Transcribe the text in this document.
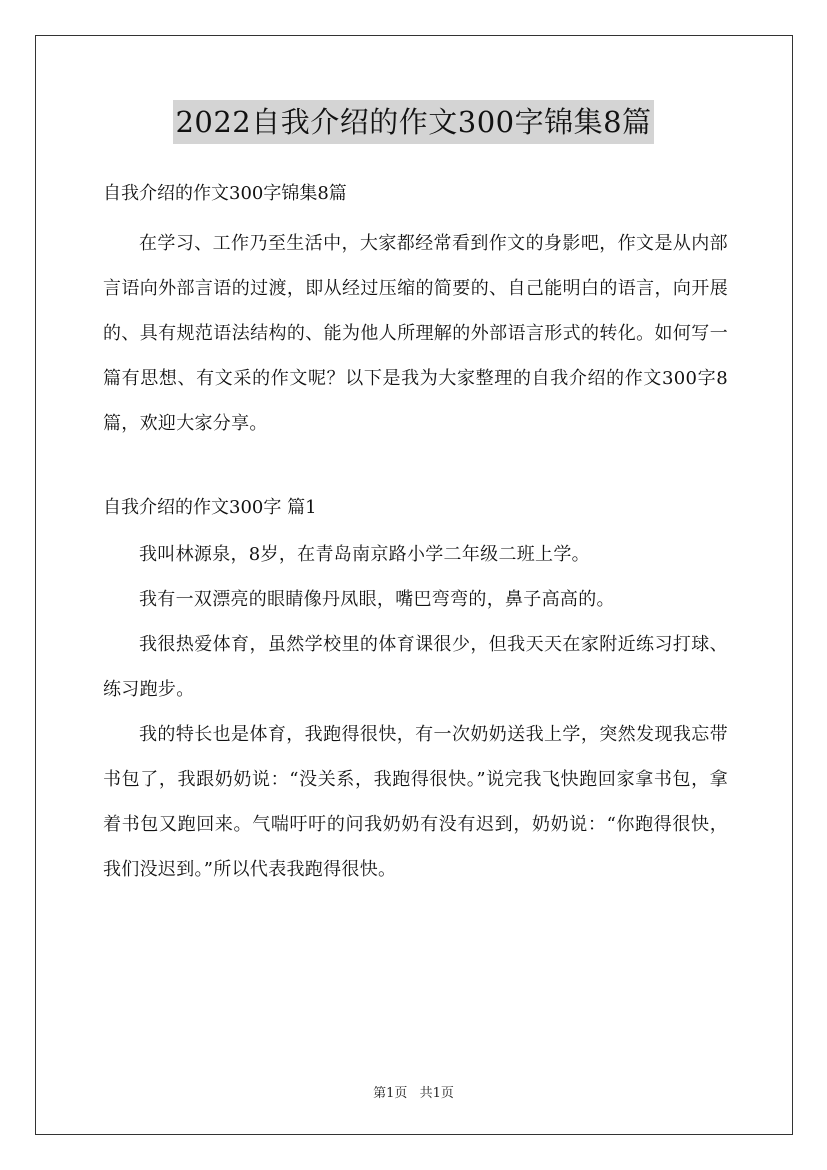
2022自我介绍的作文300字锦集8篇

自我介绍的作文300字锦集8篇

在学习、工作乃至生活中，大家都经常看到作文的身影吧，作文是从内部言语向外部言语的过渡，即从经过压缩的简要的、自己能明白的语言，向开展的、具有规范语法结构的、能为他人所理解的外部语言形式的转化。如何写一篇有思想、有文采的作文呢？以下是我为大家整理的自我介绍的作文300字8篇，欢迎大家分享。

自我介绍的作文300字 篇1

我叫林源泉，8岁，在青岛南京路小学二年级二班上学。

我有一双漂亮的眼睛像丹凤眼，嘴巴弯弯的，鼻子高高的。

我很热爱体育，虽然学校里的体育课很少，但我天天在家附近练习打球、练习跑步。

我的特长也是体育，我跑得很快，有一次奶奶送我上学，突然发现我忘带书包了，我跟奶奶说：“没关系，我跑得很快。”说完我飞快跑回家拿书包，拿着书包又跑回来。气喘吁吁的问我奶奶有没有迟到，奶奶说：“你跑得很快，我们没迟到。”所以代表我跑得很快。

第1页 共1页
